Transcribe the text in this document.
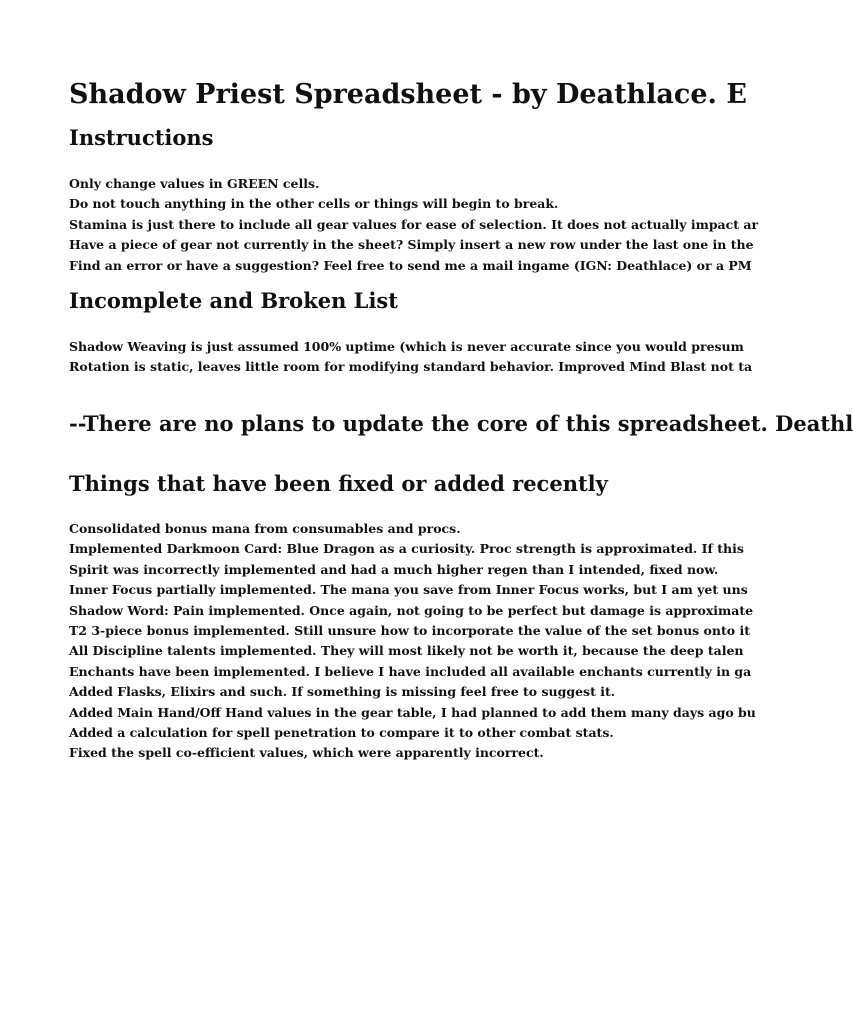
Shadow Priest Spreadsheet - by Deathlace. E
Instructions
Only change values in GREEN cells.
Do not touch anything in the other cells or things will begin to break.
Stamina is just there to include all gear values for ease of selection. It does not actually impact ar
Have a piece of gear not currently in the sheet? Simply insert a new row under the last one in the
Find an error or have a suggestion? Feel free to send me a mail ingame (IGN: Deathlace) or a PM
Incomplete and Broken List
Shadow Weaving is just assumed 100% uptime (which is never accurate since you would presum
Rotation is static, leaves little room for modifying standard behavior. Improved Mind Blast not ta
--There are no plans to update the core of this spreadsheet. Deathl
Things that have been fixed or added recently
Consolidated bonus mana from consumables and procs.
Implemented Darkmoon Card: Blue Dragon as a curiosity. Proc strength is approximated. If this
Spirit was incorrectly implemented and had a much higher regen than I intended, fixed now.
Inner Focus partially implemented. The mana you save from Inner Focus works, but I am yet uns
Shadow Word: Pain implemented. Once again, not going to be perfect but damage is approximate
T2 3-piece bonus implemented. Still unsure how to incorporate the value of the set bonus onto it
All Discipline talents implemented. They will most likely not be worth it, because the deep talen
Enchants have been implemented. I believe I have included all available enchants currently in ga
Added Flasks, Elixirs and such. If something is missing feel free to suggest it.
Added Main Hand/Off Hand values in the gear table, I had planned to add them many days ago bu
Added a calculation for spell penetration to compare it to other combat stats.
Fixed the spell co-efficient values, which were apparently incorrect.
